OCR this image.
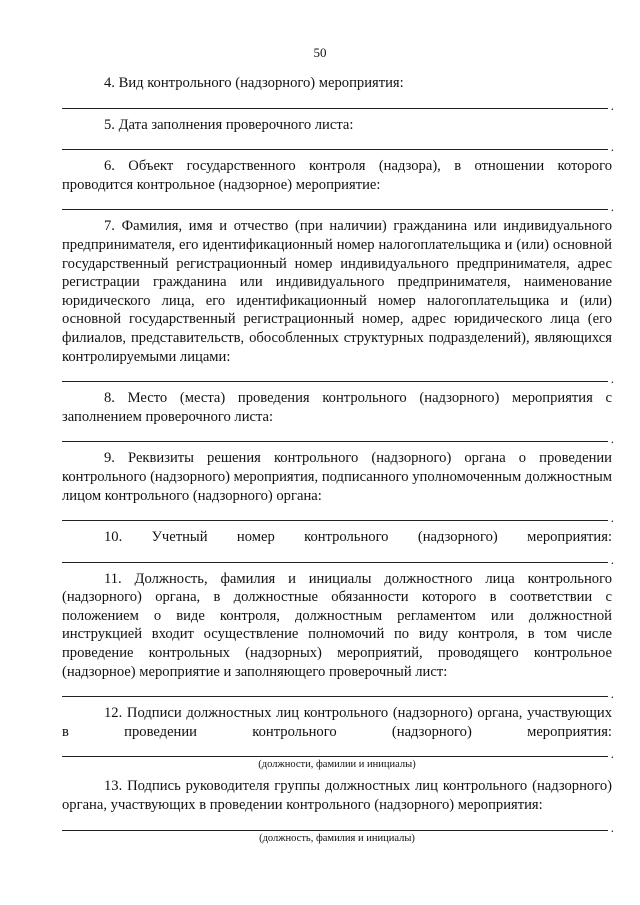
50

4. Вид контрольного (надзорного) мероприятия:

.

5. Дата заполнения проверочного листа:

.

6. Объект государственного контроля (надзора), в отношении которого проводится контрольное (надзорное) мероприятие:

.

7. Фамилия, имя и отчество (при наличии) гражданина или индивидуального предпринимателя, его идентификационный номер налогоплательщика и (или) основной государственный регистрационный номер индивидуального предпринимателя, адрес регистрации гражданина или индивидуального предпринимателя, наименование юридического лица, его идентификационный номер налогоплательщика и (или) основной государственный регистрационный номер, адрес юридического лица (его филиалов, представительств, обособленных структурных подразделений), являющихся контролируемыми лицами:

.

8. Место (места) проведения контрольного (надзорного) мероприятия с заполнением проверочного листа:

.

9. Реквизиты решения контрольного (надзорного) органа о проведении контрольного (надзорного) мероприятия, подписанного уполномоченным должностным лицом контрольного (надзорного) органа:

.

10. Учетный номер контрольного (надзорного) мероприятия:

.

11. Должность, фамилия и инициалы должностного лица контрольного (надзорного) органа, в должностные обязанности которого в соответствии с положением о виде контроля, должностным регламентом или должностной инструкцией входит осуществление полномочий по виду контроля, в том числе проведение контрольных (надзорных) мероприятий, проводящего контрольное (надзорное) мероприятие и заполняющего проверочный лист:

.

12. Подписи должностных лиц контрольного (надзорного) органа, участвующих в проведении контрольного (надзорного) мероприятия:

.
(должности, фамилии и инициалы)

13. Подпись руководителя группы должностных лиц контрольного (надзорного) органа, участвующих в проведении контрольного (надзорного) мероприятия:

.
(должность, фамилия и инициалы)
